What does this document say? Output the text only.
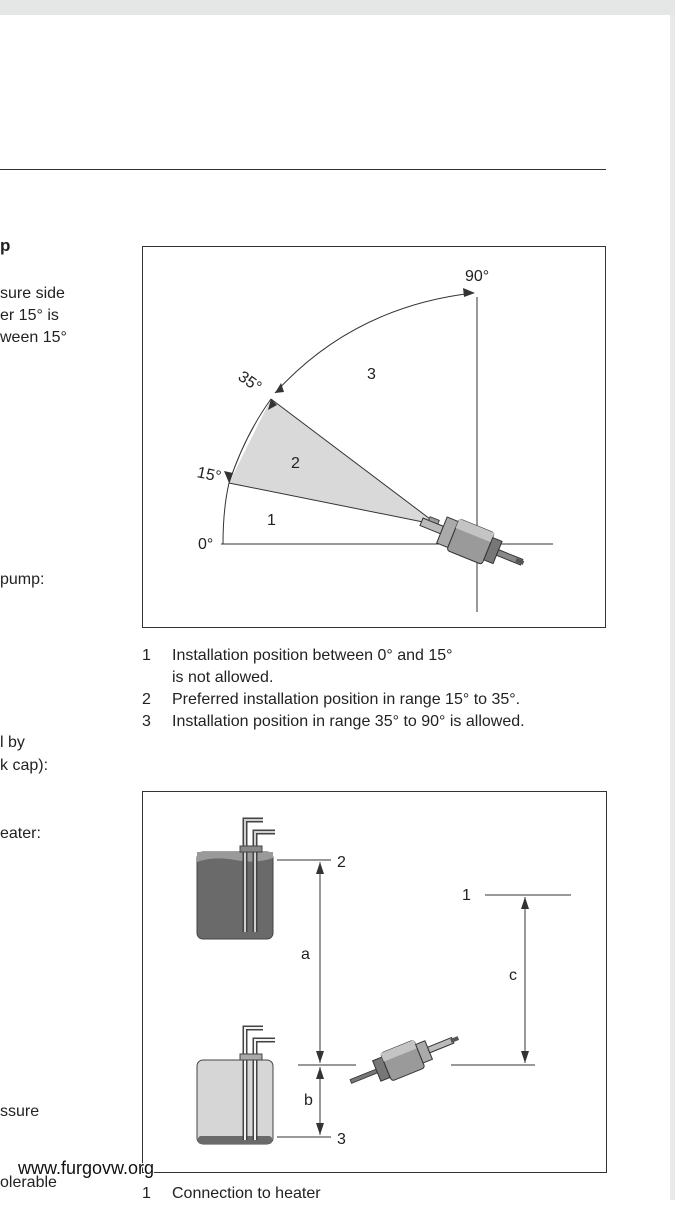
p
sure side
er 15° is
ween 15°
pump:
l by
k cap):
eater:
ssure
olerable
90°
35°
15°
0°
3
2
1
1	Installation position between 0° and 15°
is not allowed.
2	Preferred installation position in range 15° to 35°.
3	Installation position in range 35° to 90° is allowed.
2
3
1
a
b
c
1	Connection to heater
www.furgovw.org
